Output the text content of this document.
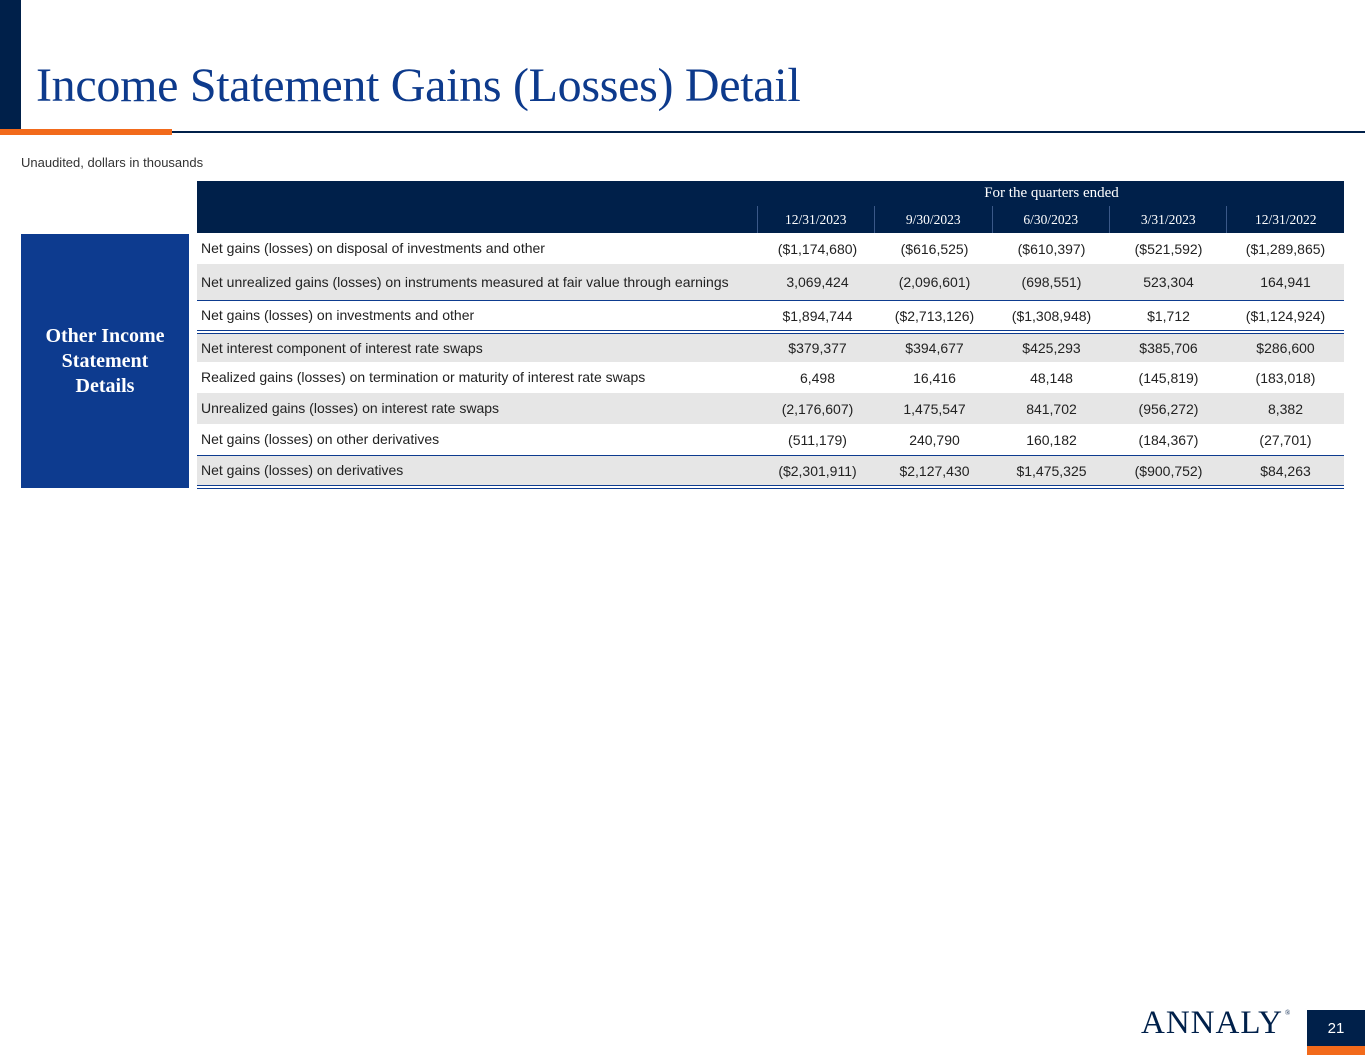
Income Statement Gains (Losses) Detail
Unaudited, dollars in thousands
Other Income Statement Details
For the quarters ended
12/31/2023	9/30/2023	6/30/2023	3/31/2023	12/31/2022
Net gains (losses) on disposal of investments and other	($1,174,680)	($616,525)	($610,397)	($521,592)	($1,289,865)
Net unrealized gains (losses) on instruments measured at fair value through earnings	3,069,424	(2,096,601)	(698,551)	523,304	164,941
Net gains (losses) on investments and other	$1,894,744	($2,713,126)	($1,308,948)	$1,712	($1,124,924)
Net interest component of interest rate swaps	$379,377	$394,677	$425,293	$385,706	$286,600
Realized gains (losses) on termination or maturity of interest rate swaps	6,498	16,416	48,148	(145,819)	(183,018)
Unrealized gains (losses) on interest rate swaps	(2,176,607)	1,475,547	841,702	(956,272)	8,382
Net gains (losses) on other derivatives	(511,179)	240,790	160,182	(184,367)	(27,701)
Net gains (losses) on derivatives	($2,301,911)	$2,127,430	$1,475,325	($900,752)	$84,263
ANNALY ®
21
